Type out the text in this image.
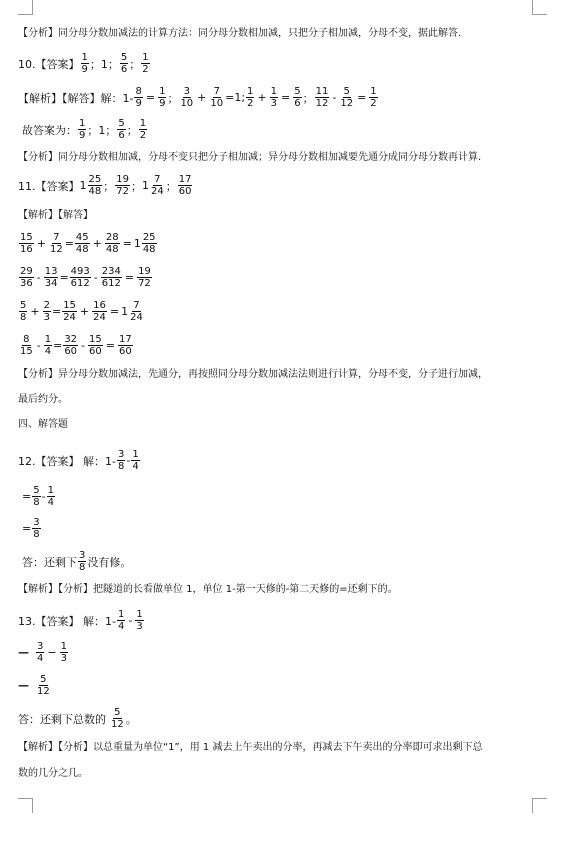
【分析】同分母分数加减法的计算方法：同分母分数相加减，只把分子相加减，分母不变，据此解答.
10.【答案】 $\frac{1}{9}$ ；1； $\frac{5}{6}$ ； $\frac{1}{2}$
【解析】【解答】解：$1- \frac{8}{9} = \frac{1}{9}$ ； $\frac{3}{10} + \frac{7}{10} =1$; $\frac{1}{2} + \frac{1}{3} = \frac{5}{6}$ ； $\frac{11}{12} - \frac{5}{12} = \frac{1}{2}$
故答案为： $\frac{1}{9}$ ；1； $\frac{5}{6}$ ； $\frac{1}{2}$
【分析】同分母分数相加减，分母不变只把分子相加减；异分母分数相加减要先通分成同分母分数再计算.
11.【答案】 $1 \frac{25}{48}$ ； $\frac{19}{72}$ ； $1 \frac{7}{24}$ ； $\frac{17}{60}$
【解析】【解答】
$\frac{15}{16} + \frac{7}{12} = \frac{45}{48} + \frac{28}{48} = 1 \frac{25}{48}$
$\frac{29}{36} - \frac{13}{34} = \frac{493}{612} - \frac{234}{612} = \frac{19}{72}$
$\frac{5}{8} + \frac{2}{3} = \frac{15}{24} + \frac{16}{24} = 1 \frac{7}{24}$
$\frac{8}{15} - \frac{1}{4} = \frac{32}{60} - \frac{15}{60} = \frac{17}{60}$
【分析】异分母分数加减法，先通分，再按照同分母分数加减法法则进行计算，分母不变，分子进行加减，
最后约分。
四、解答题
12.【答案】 解：$1- \frac{3}{8} - \frac{1}{4}$
= $\frac{5}{8} - \frac{1}{4}$
= $\frac{3}{8}$
答：还剩下 $\frac{3}{8}$ 没有修。
【解析】【分析】把隧道的长看做单位 1，单位 1-第一天修的-第二天修的=还剩下的。
13.【答案】 解：$1- \frac{1}{4} - \frac{1}{3}$
— $\frac{3}{4} - \frac{1}{3}$
— $\frac{5}{12}$
答：还剩下总数的 $\frac{5}{12}$ 。
【解析】【分析】以总重量为单位“1”，用 1 减去上午卖出的分率，再减去下午卖出的分率即可求出剩下总
数的几分之几。
